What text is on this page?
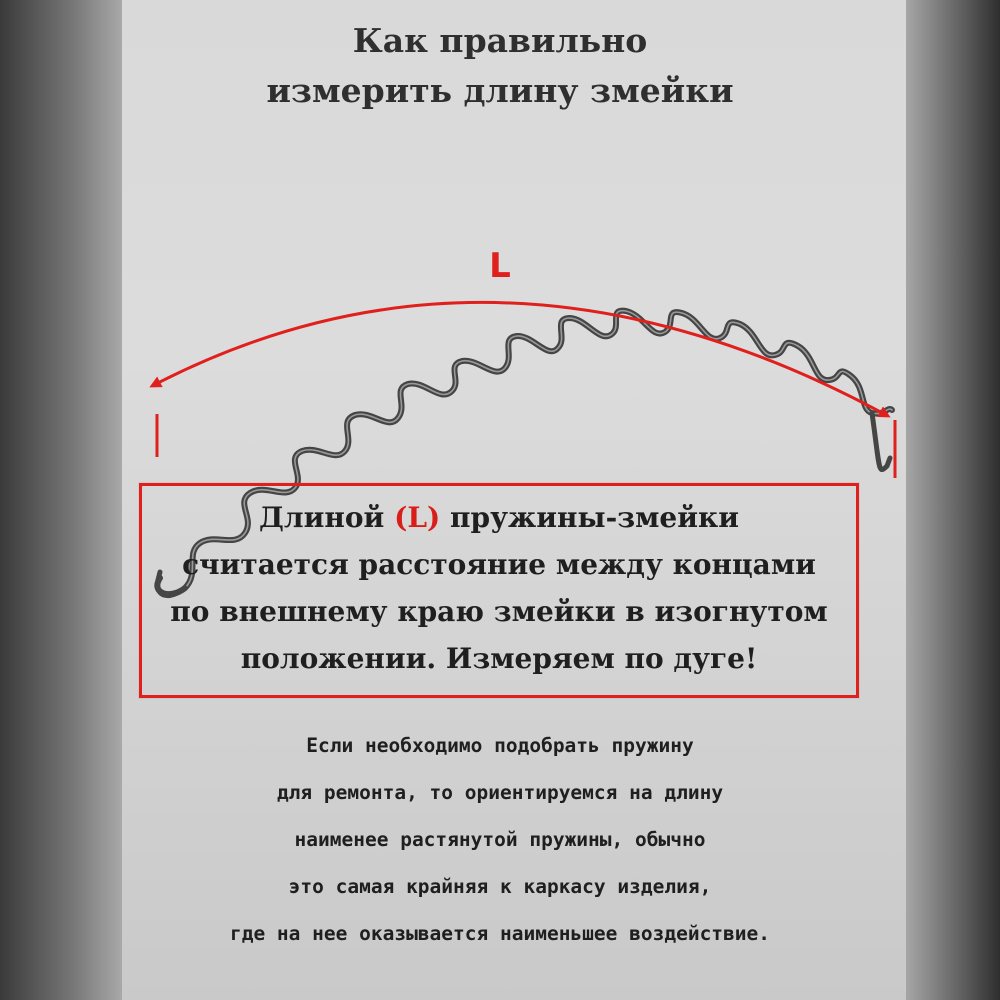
Как правильно
измерить длину змейки
L
Длиной (L) пружины-змейки
считается расстояние между концами
по внешнему краю змейки в изогнутом
положении. Измеряем по дуге!
Если необходимо подобрать пружину
для ремонта, то ориентируемся на длину
наименее растянутой пружины, обычно
это самая крайняя к каркасу изделия,
где на нее оказывается наименьшее воздействие.
